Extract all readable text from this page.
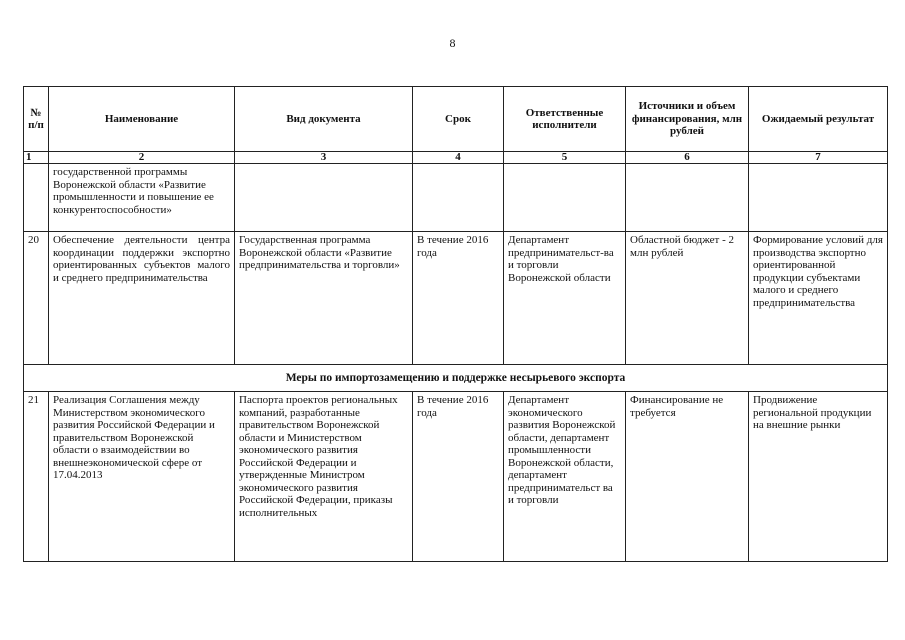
8
№ п/п	Наименование	Вид документа	Срок	Ответственные исполнители	Источники и объем финансирования, млн рублей	Ожидаемый результат
1	2	3	4	5	6	7
	государственной программы Воронежской области «Развитие промышленности и повышение ее конкурентоспособности»					
20	Обеспечение деятельности центра координации поддержки экспортно ориентированных субъектов малого и среднего предпринимательства	Государственная программа Воронежской области «Развитие предпринимательства и торговли»	В течение 2016 года	Департамент предпринимательст-ва и торговли Воронежской области	Областной бюджет - 2 млн рублей	Формирование условий для производства экспортно ориентированной продукции субъектами малого и среднего предпринимательства
Меры по импортозамещению и поддержке несырьевого экспорта						
21	Реализация Соглашения между Министерством экономического развития Российской Федерации и правительством Воронежской области о взаимодействии во внешнеэкономической сфере от 17.04.2013	Паспорта проектов региональных компаний, разработанные правительством Воронежской области и Министерством экономического развития Российской Федерации и утвержденные Министром экономического развития Российской Федерации, приказы исполнительных	В течение 2016 года	Департамент экономического развития Воронежской области, департамент промышленности Воронежской области, департамент предпринимательст ва и торговли	Финансирование не требуется	Продвижение региональной продукции на внешние рынки
